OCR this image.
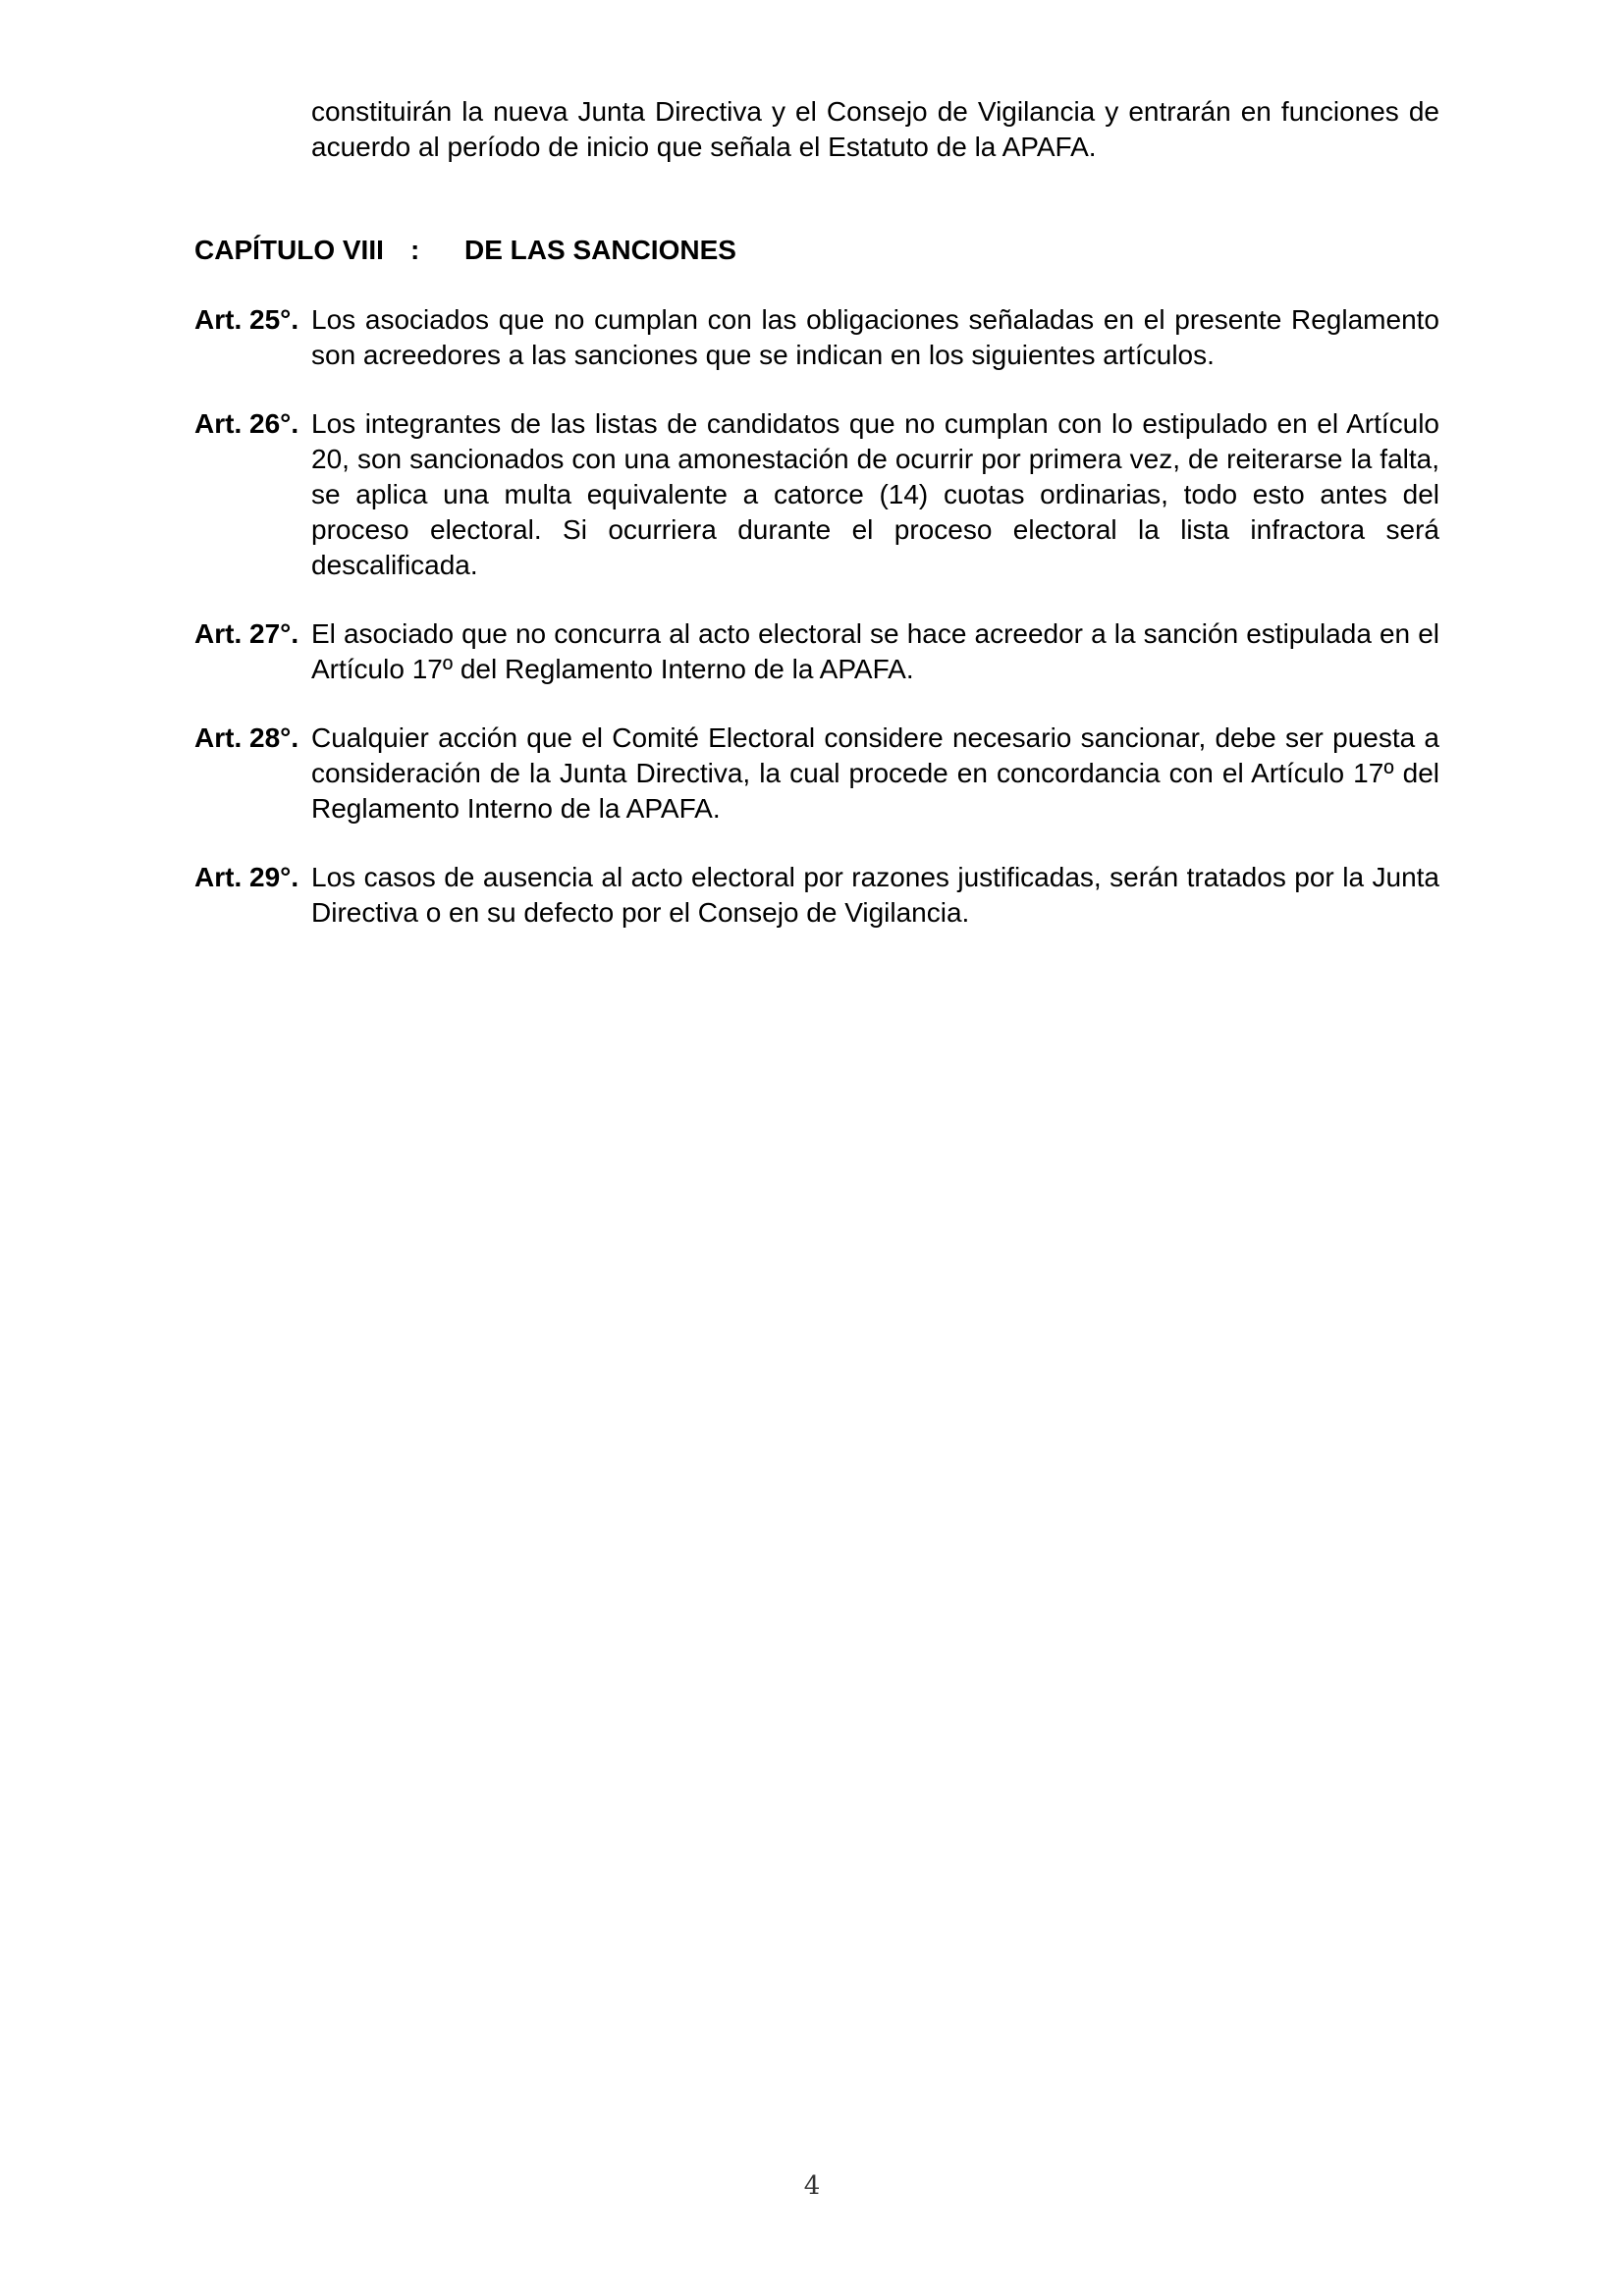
constituirán la nueva Junta Directiva y el Consejo de Vigilancia y entrarán en funciones de acuerdo al período de inicio que señala el Estatuto de la APAFA.
CAPÍTULO VIII : DE LAS SANCIONES
Art. 25°. Los asociados que no cumplan con las obligaciones señaladas en el presente Reglamento son acreedores a las sanciones que se indican en los siguientes artículos.
Art. 26°. Los integrantes de las listas de candidatos que no cumplan con lo estipulado en el Artículo 20, son sancionados con una amonestación de ocurrir por primera vez, de reiterarse la falta, se aplica una multa equivalente a catorce (14) cuotas ordinarias, todo esto antes del proceso electoral. Si ocurriera durante el proceso electoral la lista infractora será descalificada.
Art. 27°. El asociado que no concurra al acto electoral se hace acreedor a la sanción estipulada en el Artículo 17º del Reglamento Interno de la APAFA.
Art. 28°. Cualquier acción que el Comité Electoral considere necesario sancionar, debe ser puesta a consideración de la Junta Directiva, la cual procede en concordancia con el Artículo 17º del Reglamento Interno de la APAFA.
Art. 29°. Los casos de ausencia al acto electoral por razones justificadas, serán tratados por la Junta Directiva o en su defecto por el Consejo de Vigilancia.
4
